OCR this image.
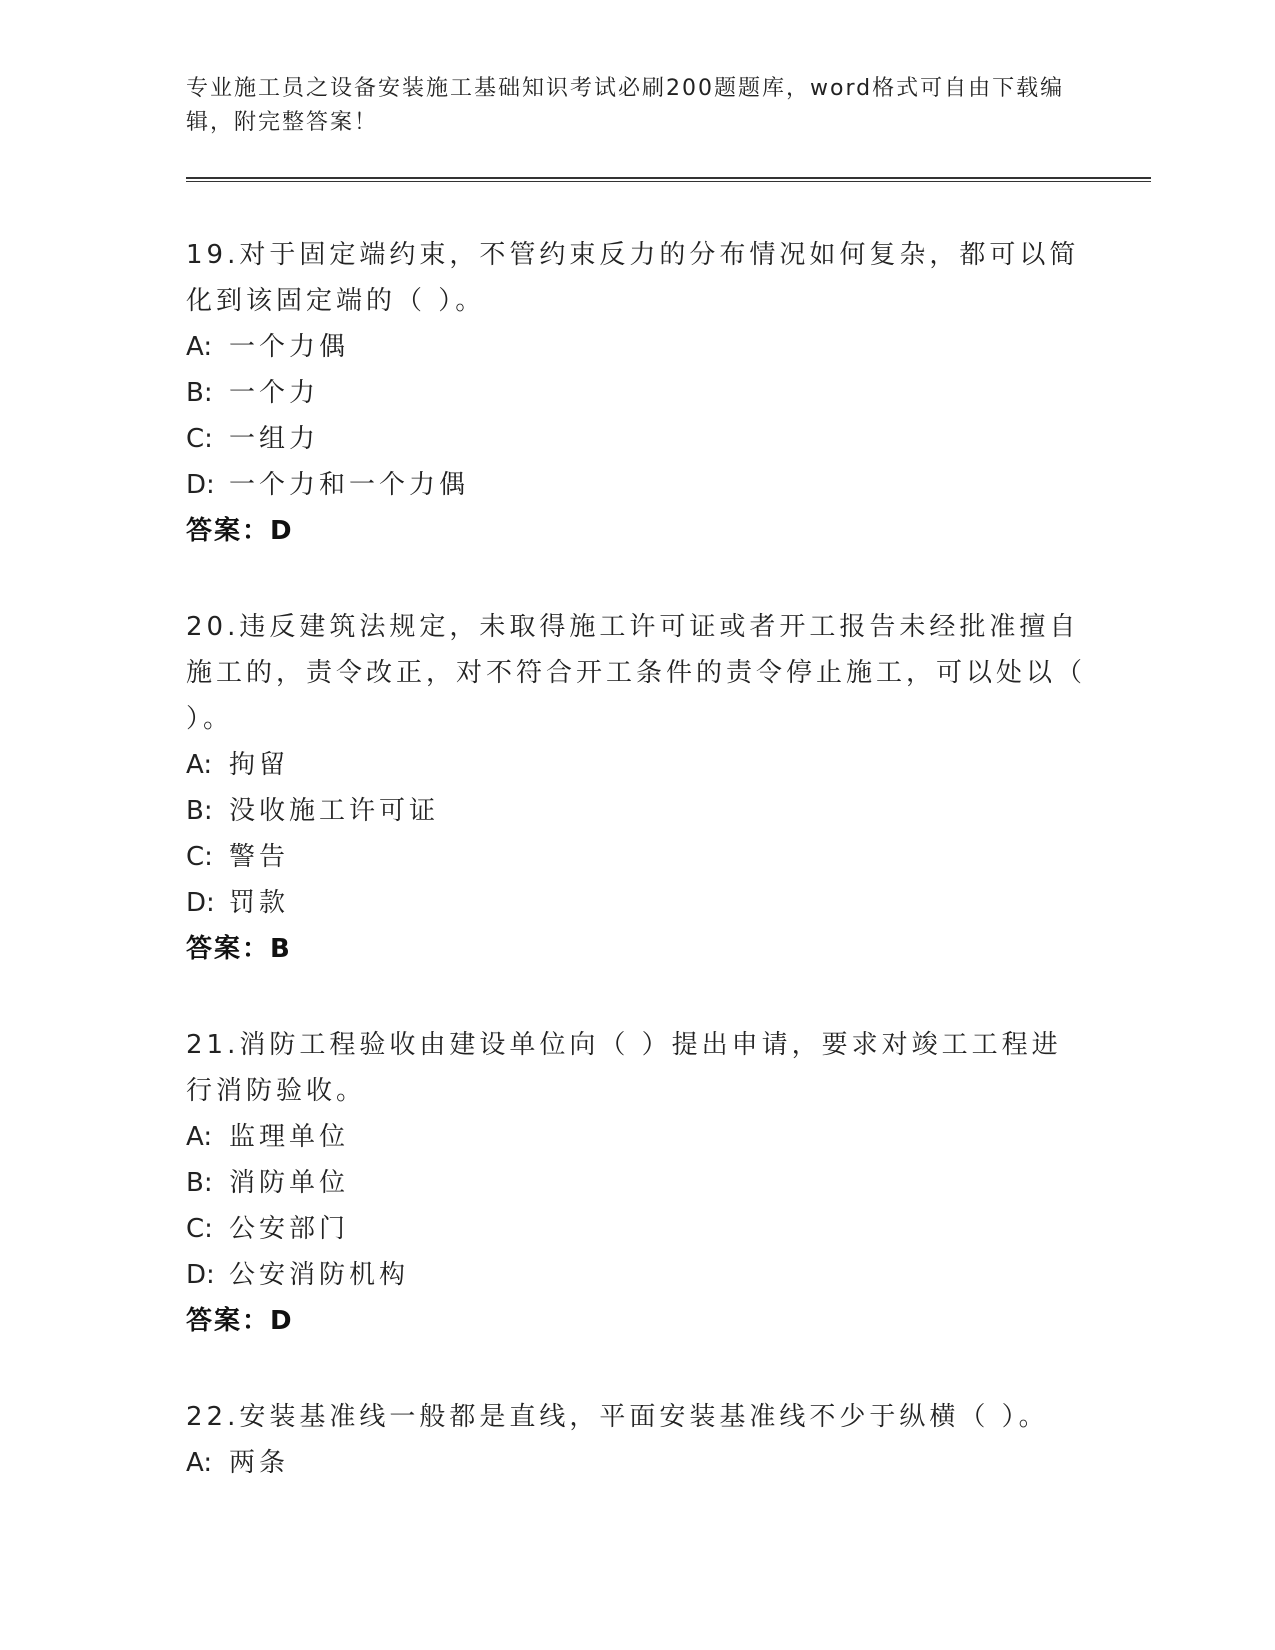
专业施工员之设备安装施工基础知识考试必刷200题题库，word格式可自由下载编辑，附完整答案！
19.对于固定端约束，不管约束反力的分布情况如何复杂，都可以简化到该固定端的（ ）。
A: 一个力偶
B: 一个力
C: 一组力
D: 一个力和一个力偶
答案：D
20.违反建筑法规定，未取得施工许可证或者开工报告未经批准擅自施工的，责令改正，对不符合开工条件的责令停止施工，可以处以（ ）。
A: 拘留
B: 没收施工许可证
C: 警告
D: 罚款
答案：B
21.消防工程验收由建设单位向（ ）提出申请，要求对竣工工程进行消防验收。
A: 监理单位
B: 消防单位
C: 公安部门
D: 公安消防机构
答案：D
22.安装基准线一般都是直线，平面安装基准线不少于纵横（ ）。
A: 两条
